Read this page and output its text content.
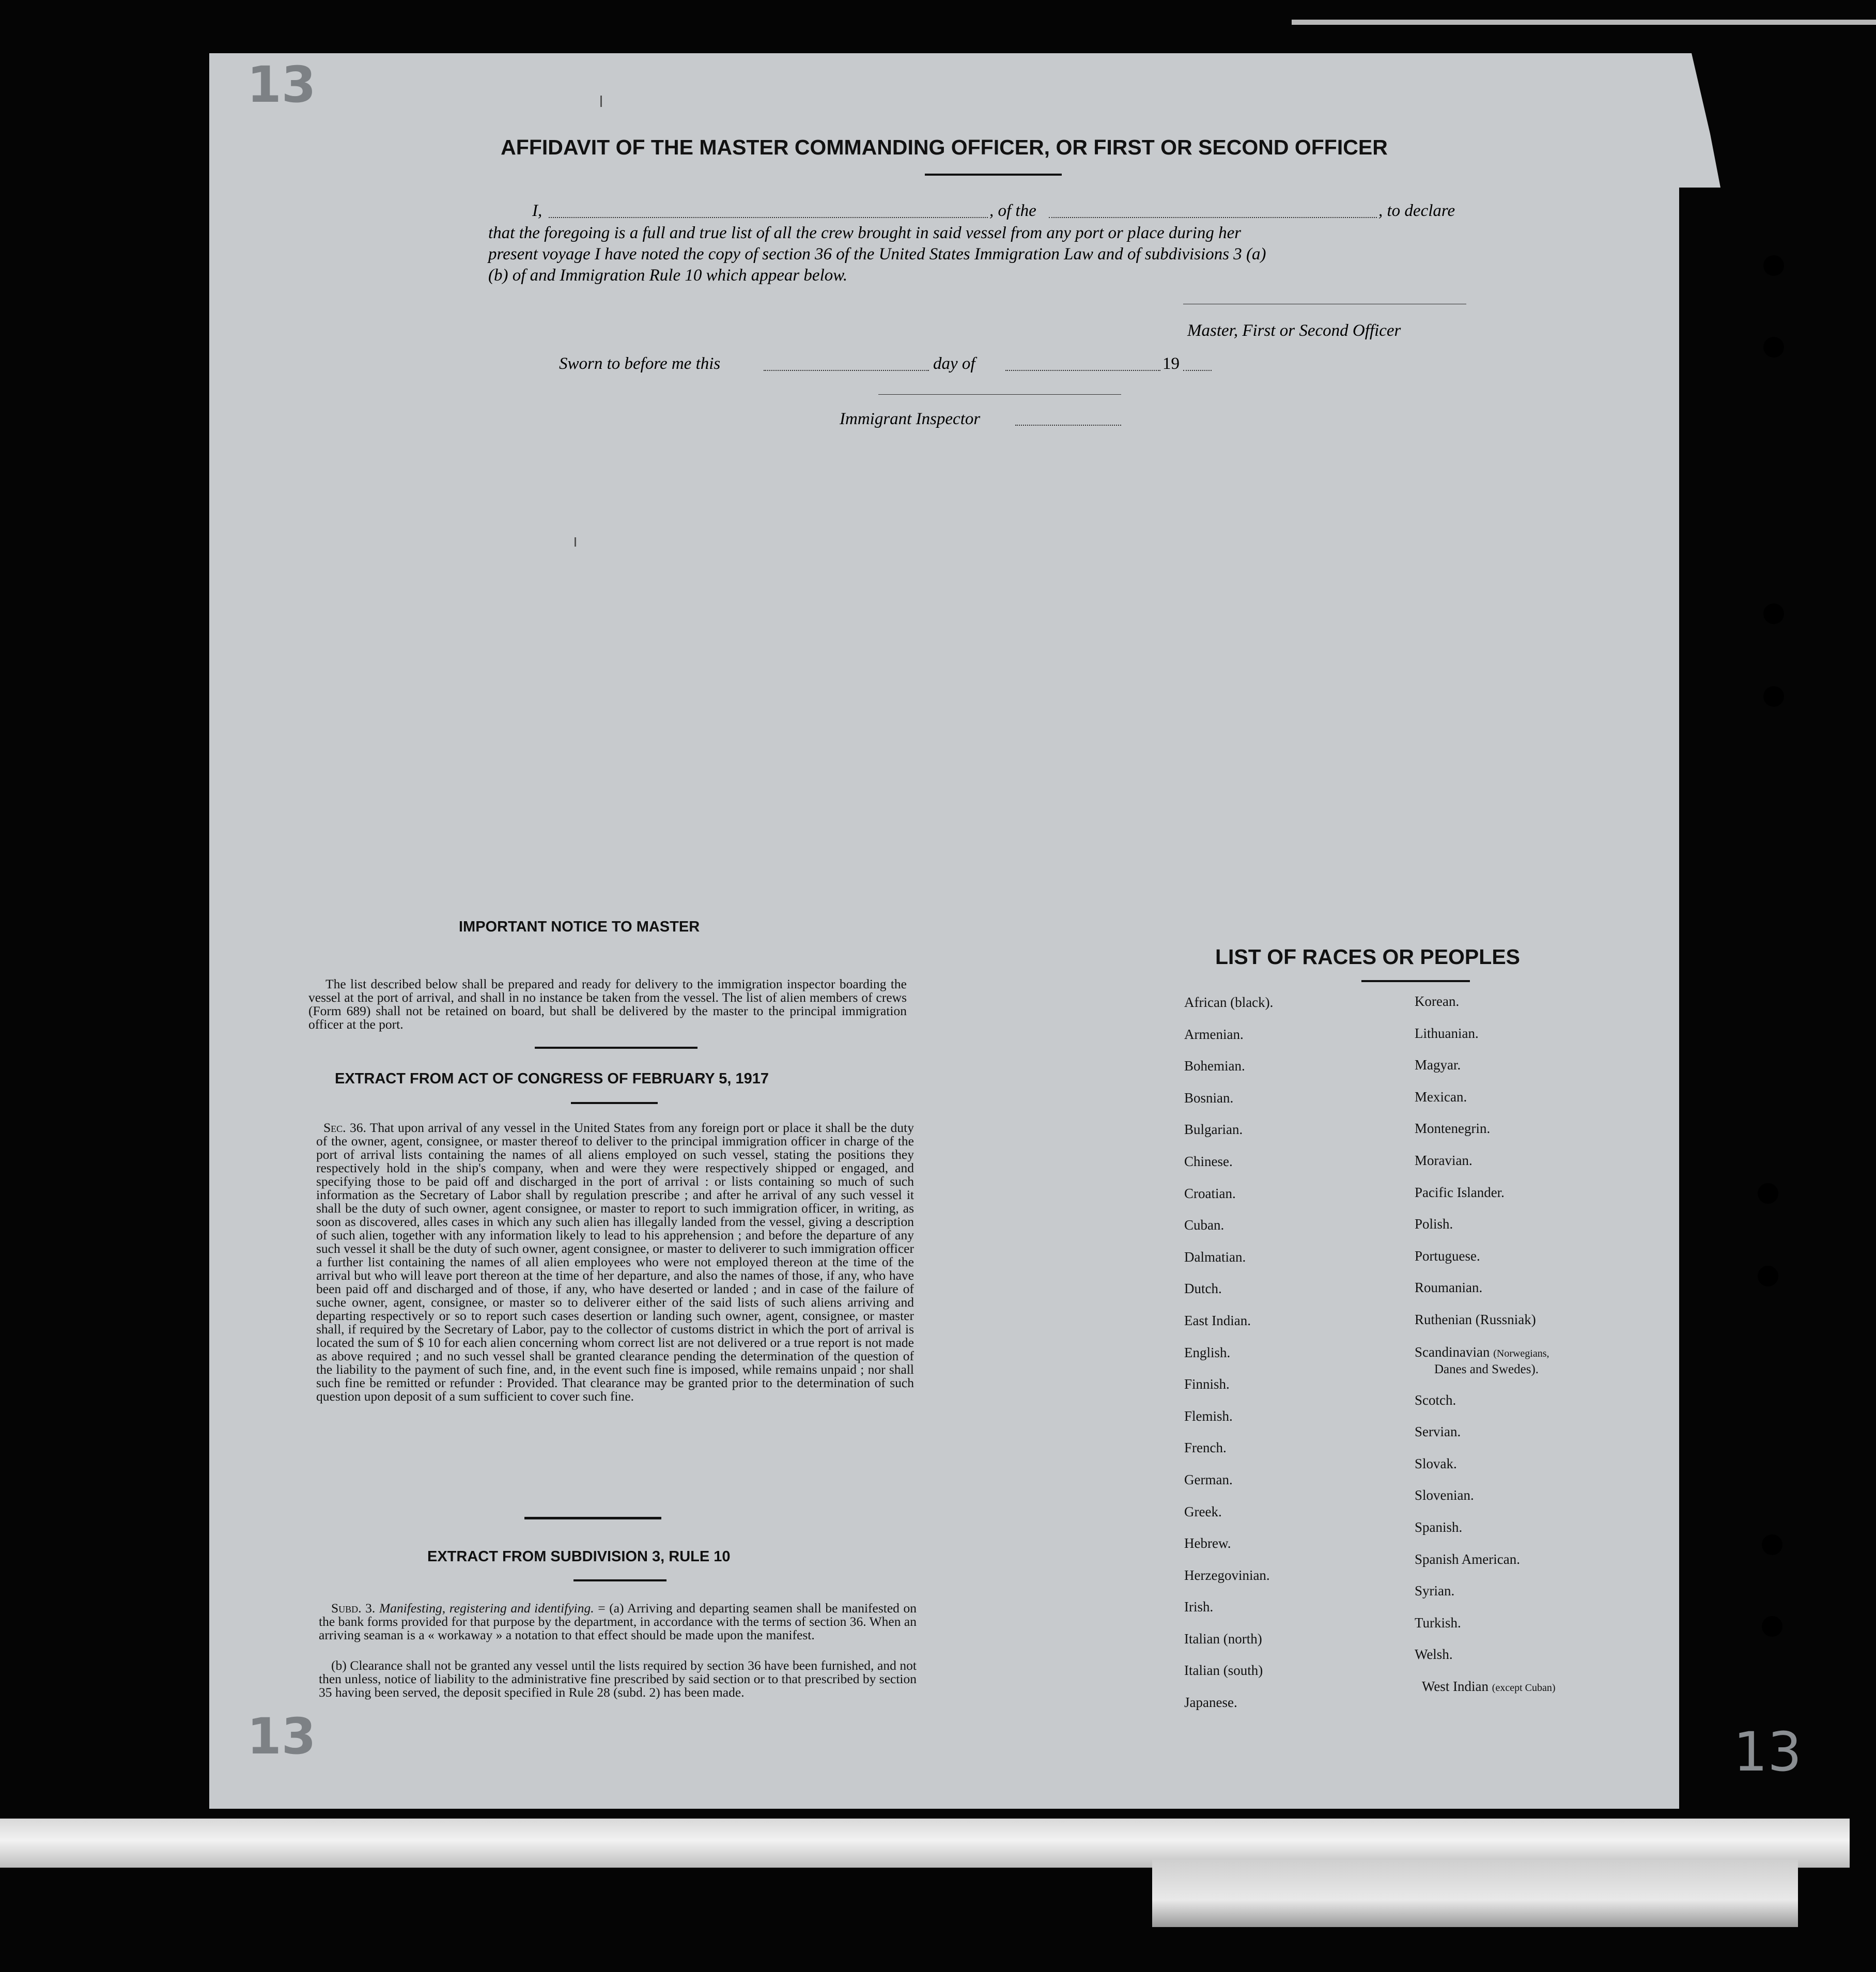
13
13	13
AFFIDAVIT OF THE MASTER COMMANDING OFFICER, OR FIRST OR SECOND OFFICER
I,	, of the	, to declare
that the foregoing is a full and true list of all the crew brought in said vessel from any port or place during her
present voyage I have noted the copy of section 36 of the United States Immigration Law and of subdivisions 3 (a)
(b) of and Immigration Rule 10 which appear below.
Master, First or Second Officer
Sworn to before me this	day of	19
Immigrant Inspector
IMPORTANT NOTICE TO MASTER
The list described below shall be prepared and ready for delivery to the immigration inspector boarding the vessel at the port of arrival, and shall in no instance be taken from the vessel. The list of alien members of crews (Form 689) shall not be retained on board, but shall be delivered by the master to the principal immigration officer at the port.
EXTRACT FROM ACT OF CONGRESS OF FEBRUARY 5, 1917
Sec. 36. That upon arrival of any vessel in the United States from any foreign port or place it shall be the duty of the owner, agent, consignee, or master thereof to deliver to the principal immigration officer in charge of the port of arrival lists containing the names of all aliens employed on such vessel, stating the positions they respectively hold in the ship's company, when and were they were respectively shipped or engaged, and specifying those to be paid off and discharged in the port of arrival : or lists containing so much of such information as the Secretary of Labor shall by regulation prescribe ; and after he arrival of any such vessel it shall be the duty of such owner, agent consignee, or master to report to such immigration officer, in writing, as soon as discovered, alles cases in which any such alien has illegally landed from the vessel, giving a description of such alien, together with any information likely to lead to his apprehension ; and before the departure of any such vessel it shall be the duty of such owner, agent consignee, or master to deliverer to such immigration officer a further list containing the names of all alien employees who were not employed thereon at the time of the arrival but who will leave port thereon at the time of her departure, and also the names of those, if any, who have been paid off and discharged and of those, if any, who have deserted or landed ; and in case of the failure of suche owner, agent, consignee, or master so to deliverer either of the said lists of such aliens arriving and departing respectively or so to report such cases desertion or landing such owner, agent, consignee, or master shall, if required by the Secretary of Labor, pay to the collector of customs district in which the port of arrival is located the sum of $ 10 for each alien concerning whom correct list are not delivered or a true report is not made as above required ; and no such vessel shall be granted clearance pending the determination of the question of the liability to the payment of such fine, and, in the event such fine is imposed, while remains unpaid ; nor shall such fine be remitted or refunder : Provided. That clearance may be granted prior to the determination of such question upon deposit of a sum sufficient to cover such fine.
EXTRACT FROM SUBDIVISION 3, RULE 10
Subd. 3. Manifesting, registering and identifying. = (a) Arriving and departing seamen shall be manifested on the bank forms provided for that purpose by the department, in accordance with the terms of section 36. When an arriving seaman is a « workaway » a notation to that effect should be made upon the manifest.
(b) Clearance shall not be granted any vessel until the lists required by section 36 have been furnished, and not then unless, notice of liability to the administrative fine prescribed by said section or to that prescribed by section 35 having been served, the deposit specified in Rule 28 (subd. 2) has been made.
LIST OF RACES OR PEOPLES
African (black).
Armenian.
Bohemian.
Bosnian.
Bulgarian.
Chinese.
Croatian.
Cuban.
Dalmatian.
Dutch.
East Indian.
English.
Finnish.
Flemish.
French.
German.
Greek.
Hebrew.
Herzegovinian.
Irish.
Italian (north)
Italian (south)
Japanese.
Korean.
Lithuanian.
Magyar.
Mexican.
Montenegrin.
Moravian.
Pacific Islander.
Polish.
Portuguese.
Roumanian.
Ruthenian (Russniak)
Scandinavian (Norwegians,
Danes and Swedes).
Scotch.
Servian.
Slovak.
Slovenian.
Spanish.
Spanish American.
Syrian.
Turkish.
Welsh.
West Indian (except Cuban)
